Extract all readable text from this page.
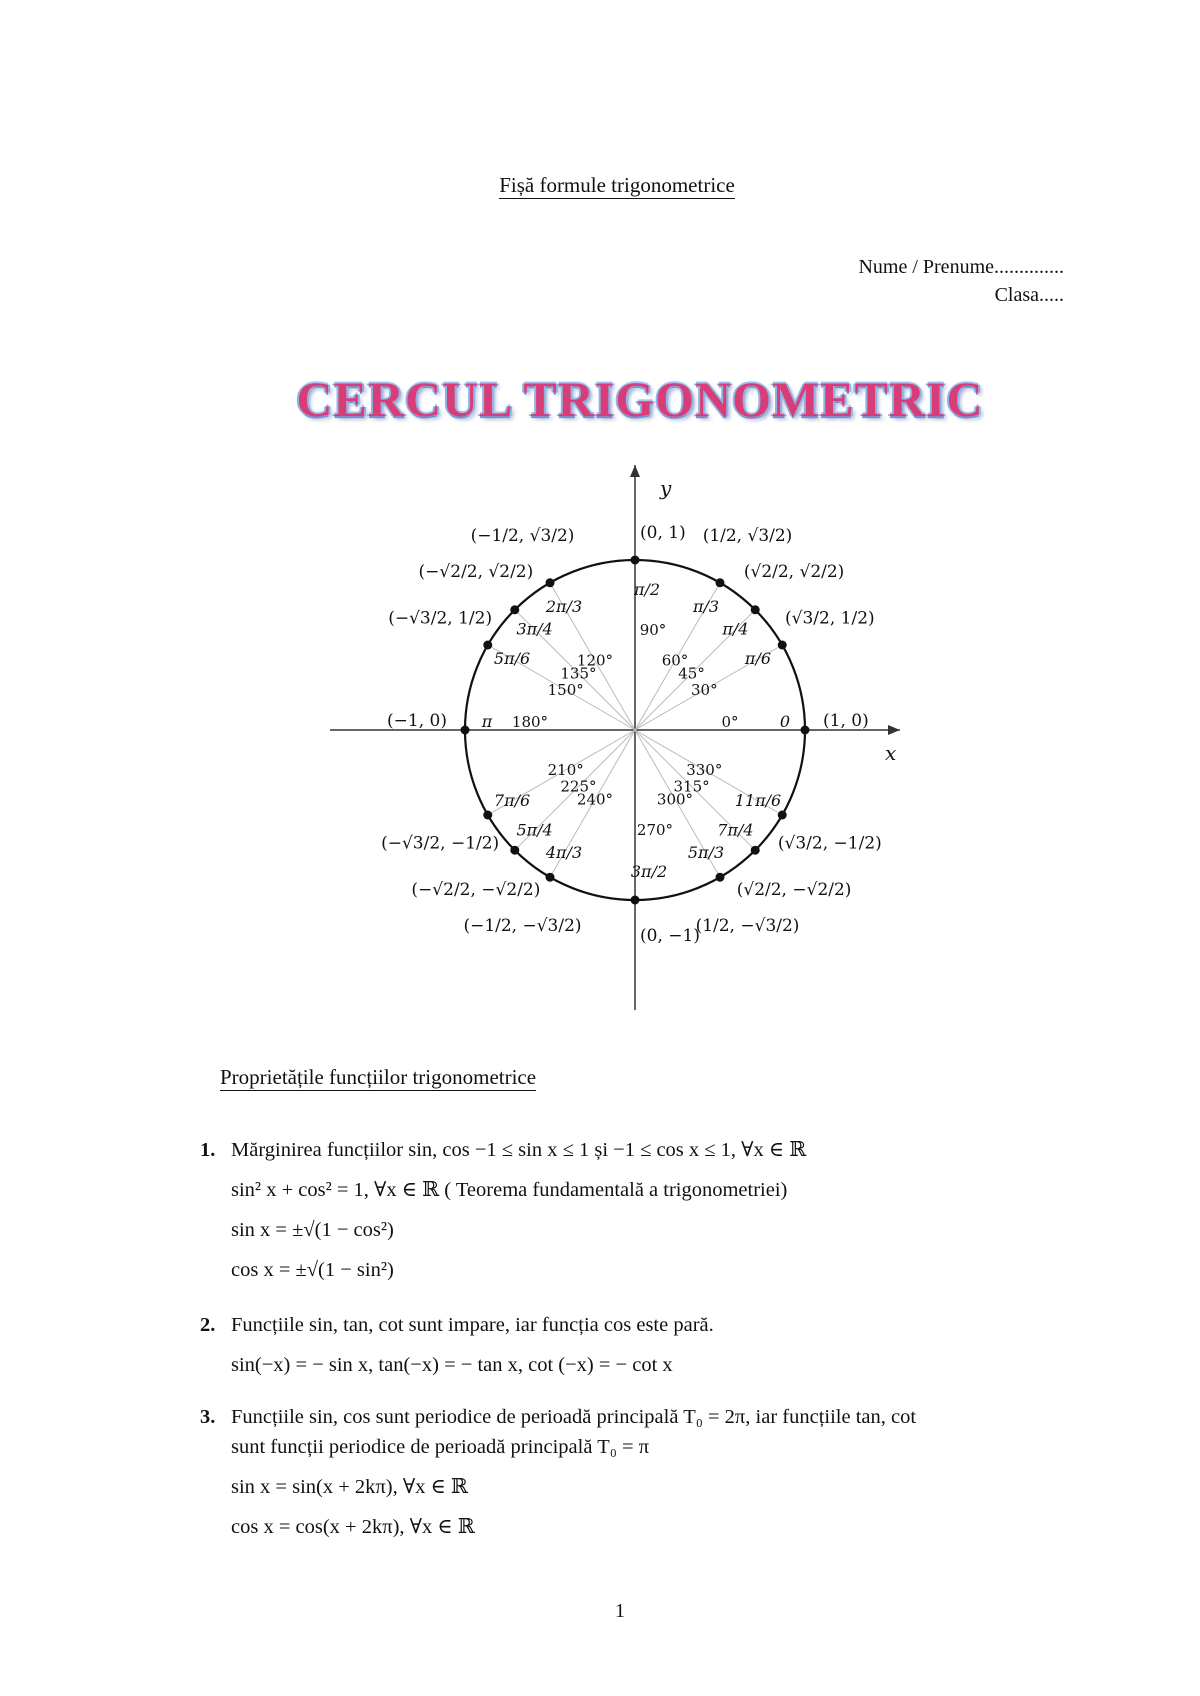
Fișă formule trigonometrice
Nume / Prenume..............
Clasa.....
CERCUL TRIGONOMETRIC
x
y
0°	0 (1, 0)
30°
π/6
(√3/2, 1/2)
45°
π/4
(√2/2, √2/2)
60°
π/3
(1/2, √3/2)
90°
π/2
(0, 1)
120°
2π/3
(−1/2, √3/2)
135°
3π/4
(−√2/2, √2/2)
150°
5π/6
(−√3/2, 1/2)
180°
π
(−1, 0)
210°
7π/6
(−√3/2, −1/2)
225°
5π/4
(−√2/2, −√2/2)
240°
4π/3
(−1/2, −√3/2)
270°
3π/2
(0, −1)
300°
5π/3
(1/2, −√3/2)
315°
7π/4
(√2/2, −√2/2)
330°
11π/6
(√3/2, −1/2)
Proprietățile funcțiilor trigonometrice
1. Mărginirea funcțiilor sin, cos −1 ≤ sin x ≤ 1 și −1 ≤ cos x ≤ 1, ∀x ∈ ℝ
sin² x + cos² = 1, ∀x ∈ ℝ ( Teorema fundamentală a trigonometriei)
sin x = ±√(1 − cos²)
cos x = ±√(1 − sin²)
2. Funcțiile sin, tan, cot sunt impare, iar funcția cos este pară.
sin(−x) = − sin x, tan(−x) = − tan x, cot (−x) = − cot x
3. Funcțiile sin, cos sunt periodice de perioadă principală T₀ = 2π, iar funcțiile tan, cot
sunt funcții periodice de perioadă principală T₀ = π
sin x = sin(x + 2kπ), ∀x ∈ ℝ
cos x = cos(x + 2kπ), ∀x ∈ ℝ
1
